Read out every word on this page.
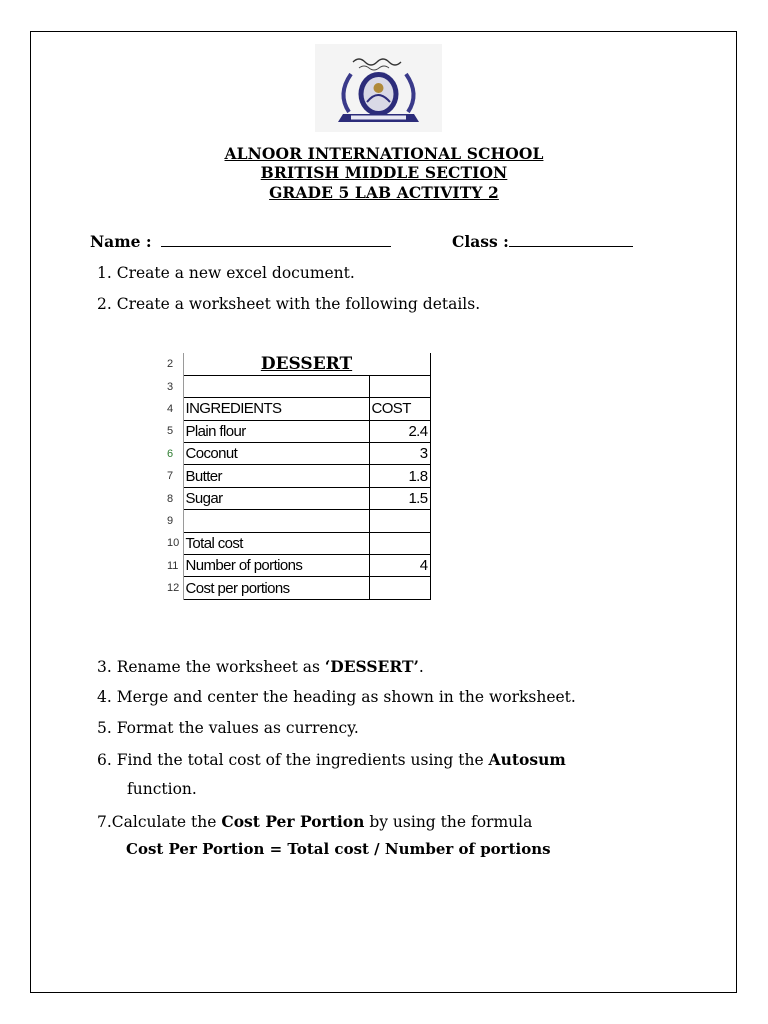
ALNOOR INTERNATIONAL SCHOOL
BRITISH MIDDLE SECTION
GRADE 5 LAB ACTIVITY 2
Name :	Class :
1. Create a new excel document.
2. Create a worksheet with the following details.
2	DESSERT	
3		
4	INGREDIENTS	COST
5	Plain flour	2.4
6	Coconut	3
7	Butter	1.8
8	Sugar	1.5
9		
10	Total cost	
11	Number of portions	4
12	Cost per portions	
3. Rename the worksheet as ‘DESSERT’.
4. Merge and center the heading as shown in the worksheet.
5. Format the values as currency.
6. Find the total cost of the ingredients using the Autosum
function.
7.Calculate the Cost Per Portion by using the formula
Cost Per Portion = Total cost / Number of portions
